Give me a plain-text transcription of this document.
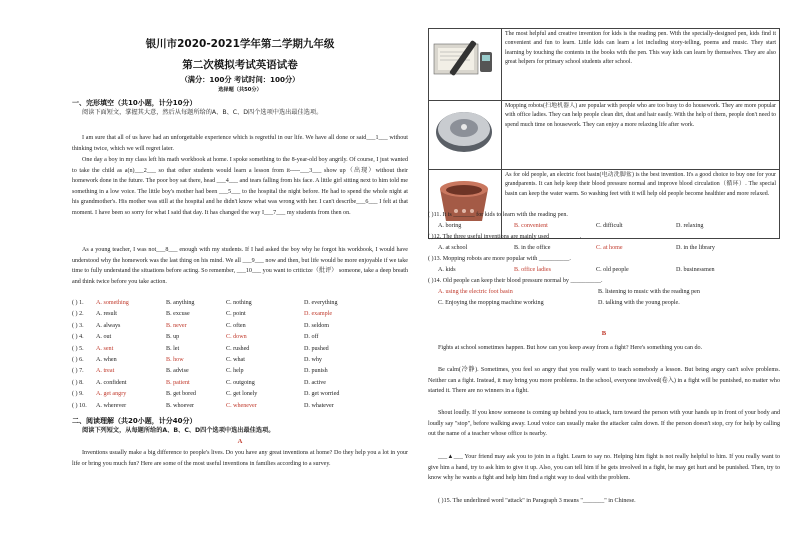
银川市2020-2021学年第二学期九年级
第二次模拟考试英语试卷
（满分：100分 考试时间：100分）
选择题（共50分）
一、完形填空（共10小题，计分10分）
阅读下面短文，掌握其大意，然后从每题所给的A、B、C、D四个选项中选出最佳选项。

I am sure that all of us have had an unforgettable experience which is regretful in our life. We have all done or said___1___ without thinking twice, which we will regret later.

One day a boy in my class left his math workbook at home. I spoke something to the 8-year-old boy angrily. Of course, I just wanted to take the child as a(n)___2___ so that other students would learn a lesson from it-----___3___ show up（出现）without their homework done in the future. The poor boy sat there, head ___4___ and tears falling from his face. A little girl sitting next to him told me something in a low voice. The little boy's mother had been ___5___ to the hospital the night before. He had to spend the whole night at his grandmother's. His mother was still at the hospital and he didn't know what was wrong with her. I can't describe___6___ I felt at that moment. I have been so sorry for what I said that day. It has changed the way I___7___ my students from then on.

As a young teacher, I was not___8___ enough with my students. If I had asked the boy why he forgot his workbook, I would have understood why the homework was the last thing on his mind. We all ___9___ now and then, but life would be more enjoyable if we take time to fully understand the situations before acting. So remember, ___10___ you want to criticize（批评） someone, take a deep breath and think twice before you take action.

( ) 1. A. something	B. anything	C. nothing	D. everything
( ) 2. A. result	B. excuse	C. point	D. example
( ) 3. A. always	B. never	C. often	D. seldom
( ) 4. A. out	B. up	C. down	D. off
( ) 5. A. sent	B. let	C. rushed	D. pushed
( ) 6. A. when	B. how	C. what	D. why
( ) 7. A. treat	B. advise	C. help	D. punish
( ) 8. A. confident	B. patient	C. outgoing	D. active
( ) 9. A. get angry	B. get bored	C. get lonely	D. get worried
( ) 10. A. wherever	B. whoever	C. whenever	D. whatever
二、阅读理解（共20小题，计分40分）
阅读下列短文，从每题所给的A、B、C、D四个选项中选出最佳选项。
A

Inventions usually make a big difference to people's lives. Do you have any great inventions at home? Do they help you a lot in your life or bring you much fun? Here are some of the most useful inventions in families according to a survey.

	The most helpful and creative invention for kids is the reading pen. With the specially-designed pen, kids find it convenient and fun to learn. Little kids can learn a lot including story-telling, poems and music. They start learning by touching the contents in the books with the pen. This way kids can learn by themselves. They are also great helpers for primary school students after school.
	Mopping robots(扫地机器人) are popular with people who are too busy to do housework. They are more popular with office ladies. They can help people clean dirt, dust and hair easily. With the help of them, people don't need to spend much time on housework. They can enjoy a more relaxing life after work.
	As for old people, an electric foot basin(电动洗脚盆) is the best invention. It's a good choice to buy one for your grandparents. It can help keep their blood pressure normal and improve blood circulation（循环）. The special basin can keep the water warm. So washing feet with it will help old people become healthier and more relaxed.
( )11. It is _______ for kids to learn with the reading pen.
A. boring	B. convenient	C. difficult	D. relaxing
( )12. The three useful inventions are mainly used__________.
A. at school	B. in the office	C. at home	D. in the library
( )13. Mopping robots are more popular with __________.
A. kids	B. office ladies	C. old people	D. businessmen
( )14. Old people can keep their blood pressure normal by __________.
A. using the electric foot basin	B. listening to music with the reading pen
C. Enjoying the mopping machine working	D. talking with the young people.
B

Fights at school sometimes happen. But how can you keep away from a fight? Here's something you can do.

Be calm(冷静). Sometimes, you feel so angry that you really want to teach somebody a lesson. But being angry can't solve problems. Neither can a fight. Instead, it may bring you more problems. In the school, everyone involved(卷入) in a fight will be punished, no matter who started it. There are no winners in a fight.

Shout loudly. If you know someone is coming up behind you to attack, turn toward the person with your hands up in front of your body and loudly say "stop", before walking away. Loud voice can usually make the attacker calm down. If the person doesn't stop, cry for help by calling out the name of a teacher whose office is nearby.

___▲___ Your friend may ask you to join in a fight. Learn to say no. Helping him fight is not really helpful to him. If you really want to give him a hand, try to ask him to give it up. Also, you can tell him if he gets involved in a fight, he may get hurt and be punished. Then, try to know why he wants a fight and help him find a right way to deal with the problem.

( )15. The underlined word "attack" in Paragraph 3 means "_______" in Chinese.
